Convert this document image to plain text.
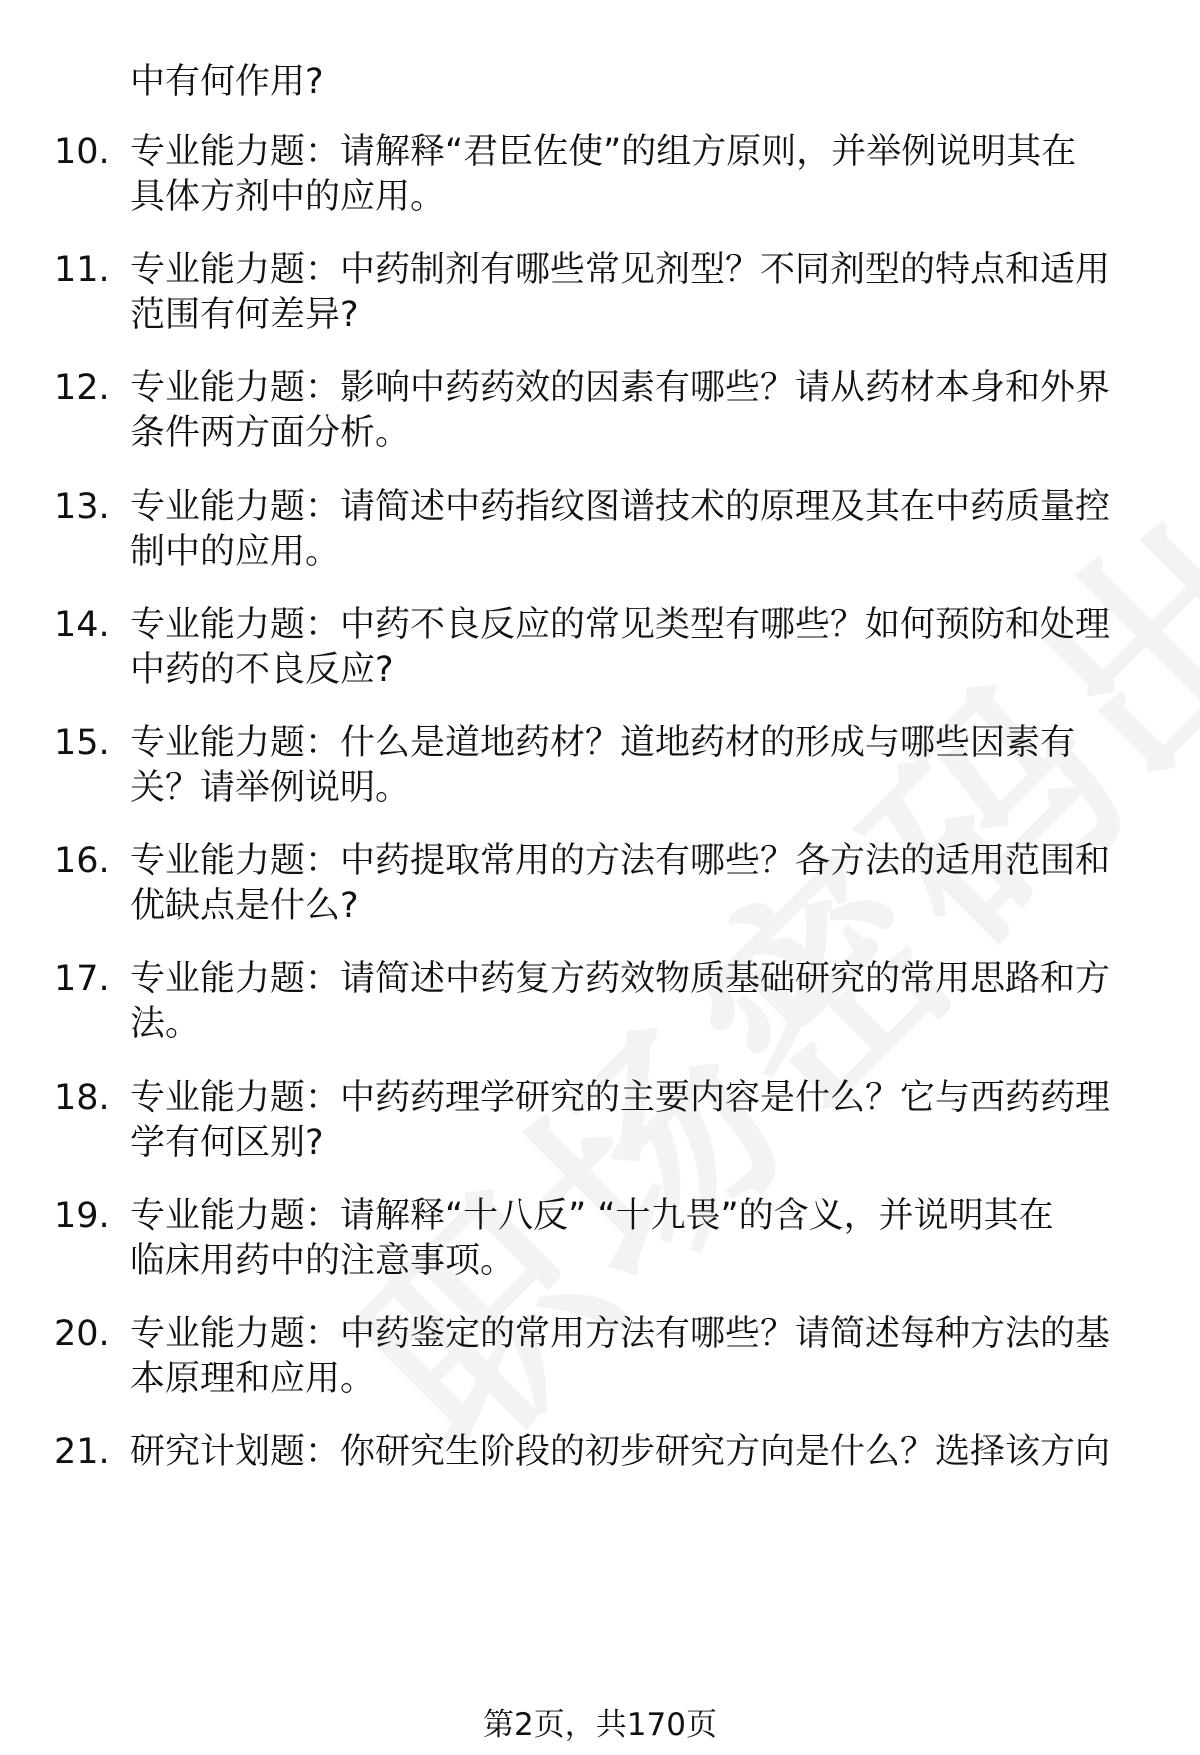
中有何作用?
10. 专业能力题：请解释“君臣佐使”的组方原则，并举例说明其在
具体方剂中的应用。
11. 专业能力题：中药制剂有哪些常见剂型？不同剂型的特点和适用
范围有何差异?
12. 专业能力题：影响中药药效的因素有哪些？请从药材本身和外界
条件两方面分析。
13. 专业能力题：请简述中药指纹图谱技术的原理及其在中药质量控
制中的应用。
14. 专业能力题：中药不良反应的常见类型有哪些？如何预防和处理
中药的不良反应?
15. 专业能力题：什么是道地药材？道地药材的形成与哪些因素有
关？请举例说明。
16. 专业能力题：中药提取常用的方法有哪些？各方法的适用范围和
优缺点是什么?
17. 专业能力题：请简述中药复方药效物质基础研究的常用思路和方
法。
18. 专业能力题：中药药理学研究的主要内容是什么？它与西药药理
学有何区别?
19. 专业能力题：请解释“十八反” “十九畏”的含义，并说明其在
临床用药中的注意事项。
20. 专业能力题：中药鉴定的常用方法有哪些？请简述每种方法的基
本原理和应用。
21. 研究计划题：你研究生阶段的初步研究方向是什么？选择该方向
第2页，共170页
